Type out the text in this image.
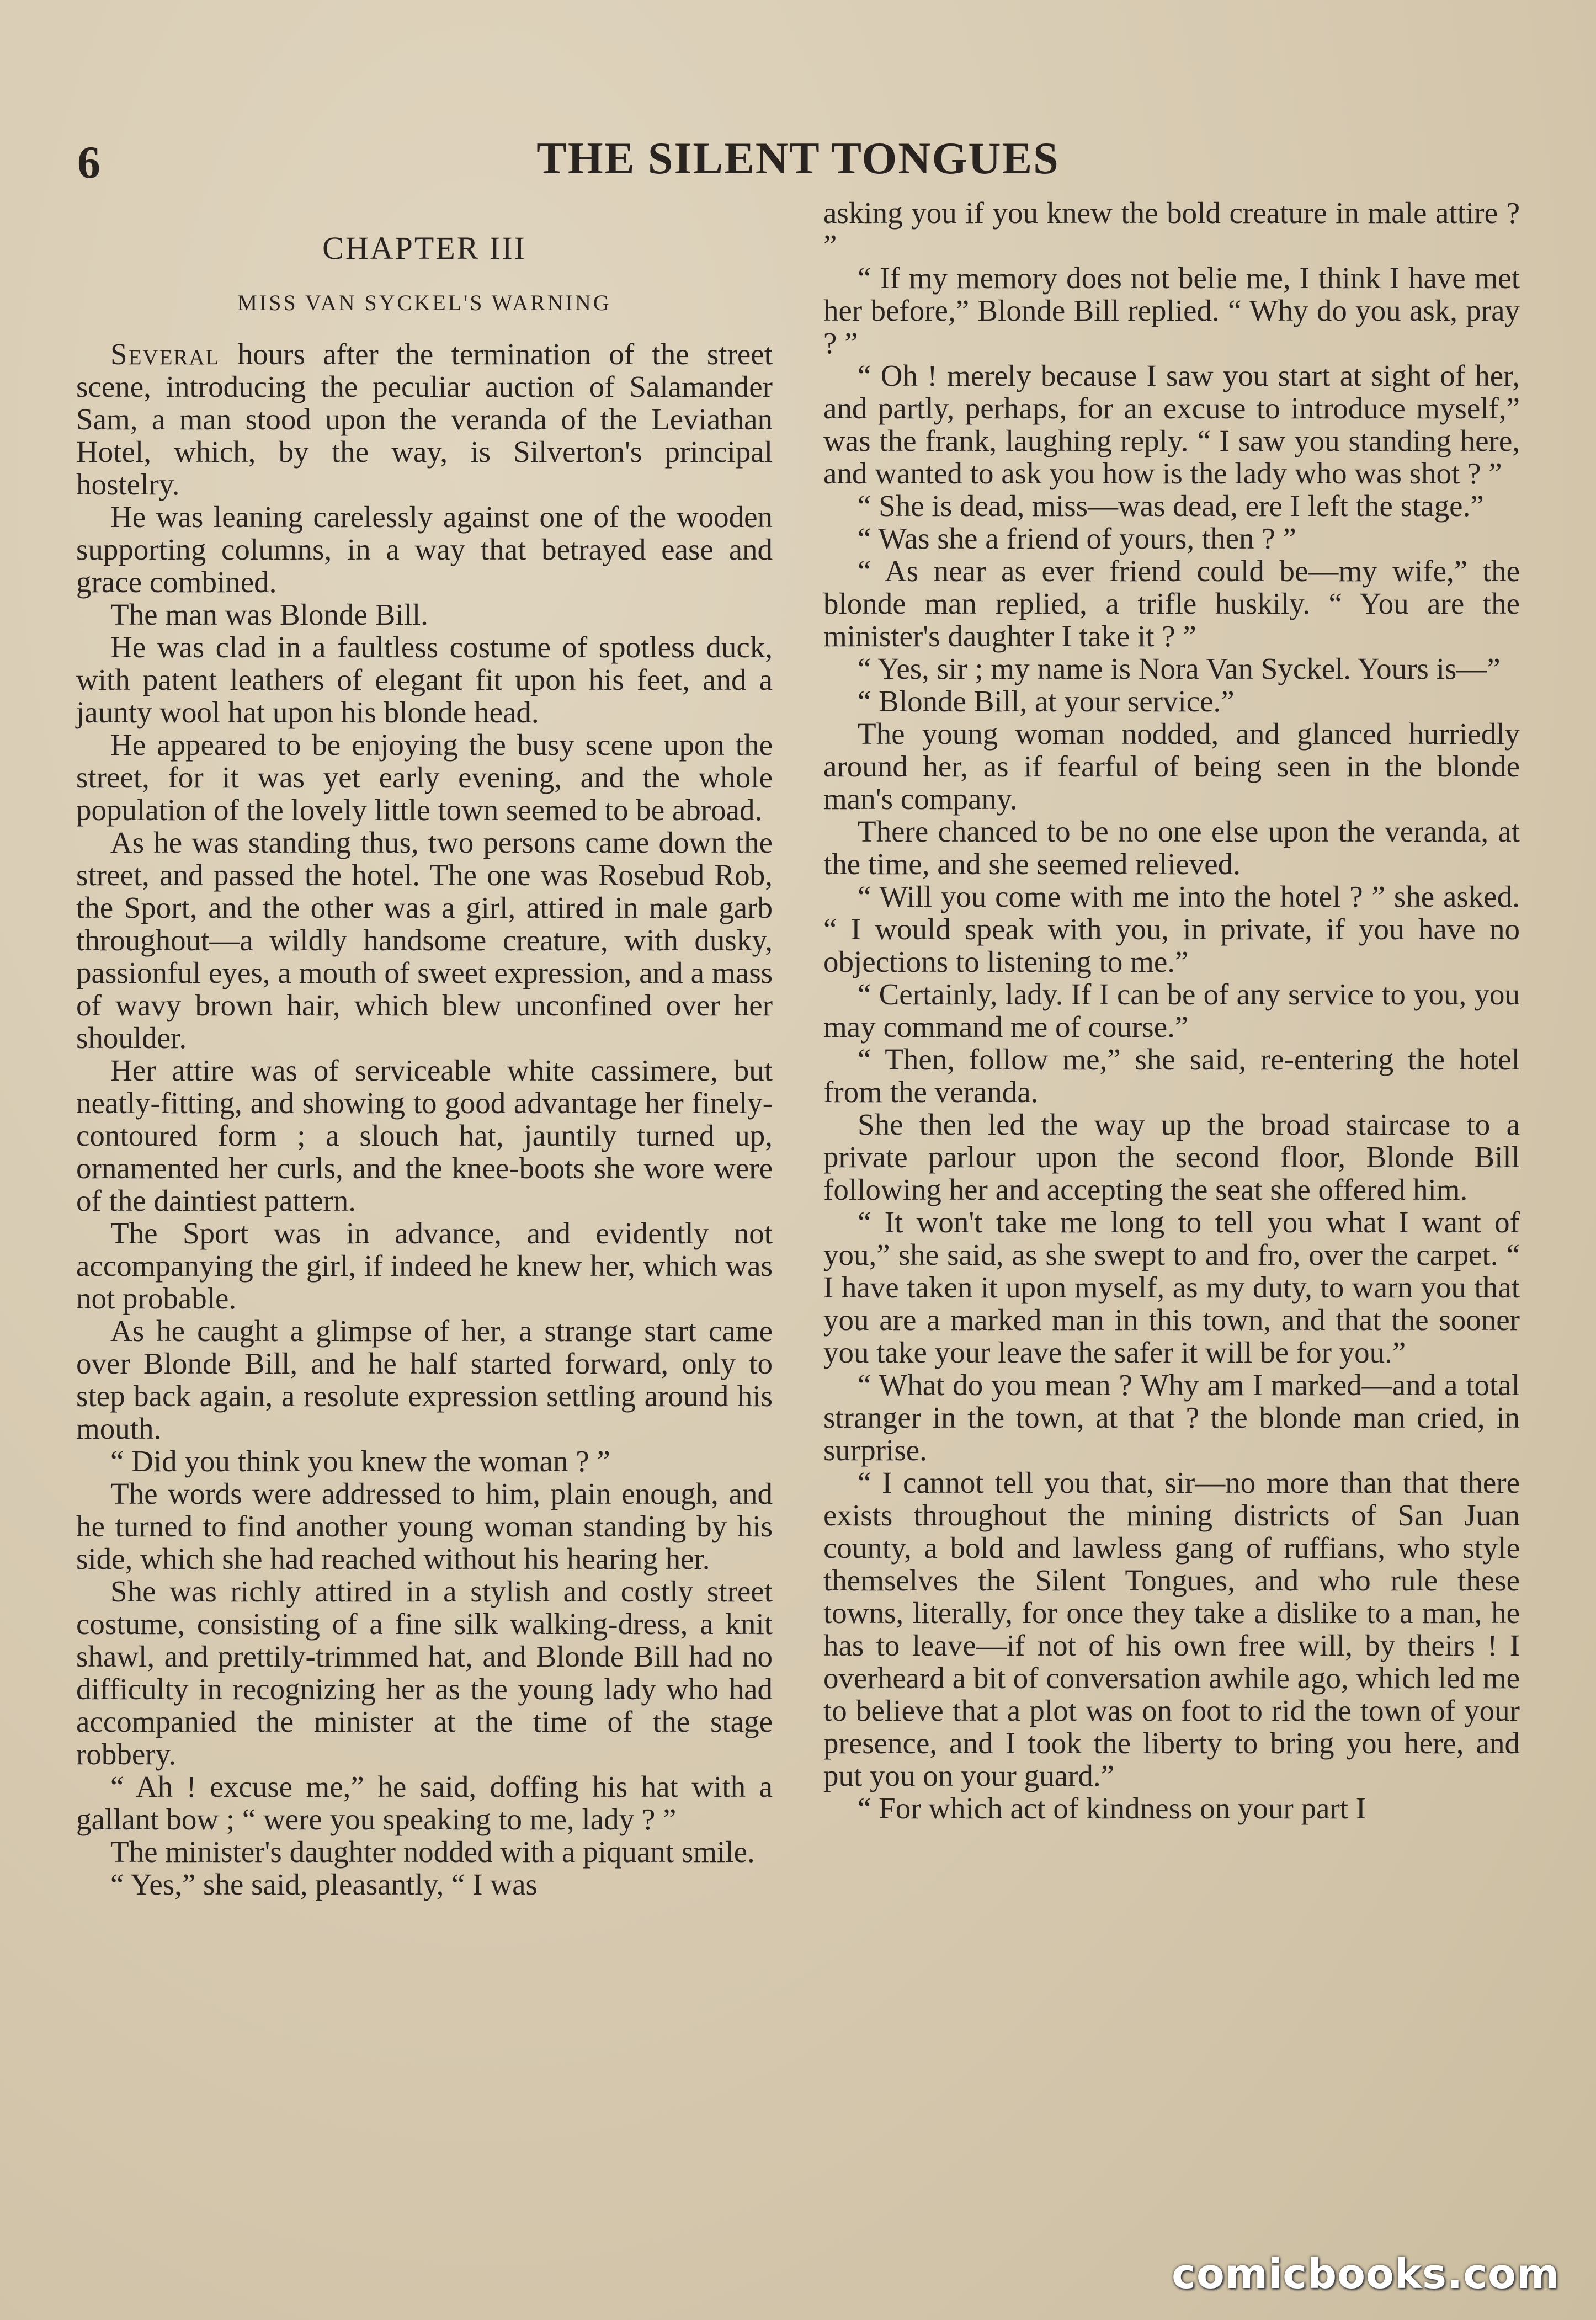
6	THE SILENT TONGUES
CHAPTER III
MISS VAN SYCKEL'S WARNING

Several hours after the termination of the street scene, introducing the peculiar auction of Salamander Sam, a man stood upon the veranda of the Leviathan Hotel, which, by the way, is Silverton's principal hostelry.

He was leaning carelessly against one of the wooden supporting columns, in a way that betrayed ease and grace combined.

The man was Blonde Bill.

He was clad in a faultless costume of spotless duck, with patent leathers of elegant fit upon his feet, and a jaunty wool hat upon his blonde head.

He appeared to be enjoying the busy scene upon the street, for it was yet early evening, and the whole population of the lovely little town seemed to be abroad.

As he was standing thus, two persons came down the street, and passed the hotel. The one was Rosebud Rob, the Sport, and the other was a girl, attired in male garb throughout—a wildly handsome creature, with dusky, passionful eyes, a mouth of sweet expression, and a mass of wavy brown hair, which blew unconfined over her shoulder.

Her attire was of serviceable white cassimere, but neatly-fitting, and showing to good advantage her finely-contoured form ; a slouch hat, jauntily turned up, ornamented her curls, and the knee-boots she wore were of the daintiest pattern.

The Sport was in advance, and evidently not accompanying the girl, if indeed he knew her, which was not probable.

As he caught a glimpse of her, a strange start came over Blonde Bill, and he half started forward, only to step back again, a resolute expression settling around his mouth.

“ Did you think you knew the woman ? ”

The words were addressed to him, plain enough, and he turned to find another young woman standing by his side, which she had reached without his hearing her.

She was richly attired in a stylish and costly street costume, consisting of a fine silk walking-dress, a knit shawl, and prettily-trimmed hat, and Blonde Bill had no difficulty in recognizing her as the young lady who had accompanied the minister at the time of the stage robbery.

“ Ah ! excuse me,” he said, doffing his hat with a gallant bow ; “ were you speaking to me, lady ? ”

The minister's daughter nodded with a piquant smile.

“ Yes,” she said, pleasantly, “ I was

asking you if you knew the bold creature in male attire ? ”

“ If my memory does not belie me, I think I have met her before,” Blonde Bill replied. “ Why do you ask, pray ? ”

“ Oh ! merely because I saw you start at sight of her, and partly, perhaps, for an excuse to introduce myself,” was the frank, laughing reply. “ I saw you standing here, and wanted to ask you how is the lady who was shot ? ”

“ She is dead, miss—was dead, ere I left the stage.”

“ Was she a friend of yours, then ? ”

“ As near as ever friend could be—my wife,” the blonde man replied, a trifle huskily. “ You are the minister's daughter I take it ? ”

“ Yes, sir ; my name is Nora Van Syckel. Yours is—”

“ Blonde Bill, at your service.”

The young woman nodded, and glanced hurriedly around her, as if fearful of being seen in the blonde man's company.

There chanced to be no one else upon the veranda, at the time, and she seemed relieved.

“ Will you come with me into the hotel ? ” she asked. “ I would speak with you, in private, if you have no objections to listening to me.”

“ Certainly, lady. If I can be of any service to you, you may command me of course.”

“ Then, follow me,” she said, re-entering the hotel from the veranda.

She then led the way up the broad staircase to a private parlour upon the second floor, Blonde Bill following her and accepting the seat she offered him.

“ It won't take me long to tell you what I want of you,” she said, as she swept to and fro, over the carpet. “ I have taken it upon myself, as my duty, to warn you that you are a marked man in this town, and that the sooner you take your leave the safer it will be for you.”

“ What do you mean ? Why am I marked—and a total stranger in the town, at that ? the blonde man cried, in surprise.

“ I cannot tell you that, sir—no more than that there exists throughout the mining districts of San Juan county, a bold and lawless gang of ruffians, who style themselves the Silent Tongues, and who rule these towns, literally, for once they take a dislike to a man, he has to leave—if not of his own free will, by theirs ! I overheard a bit of conversation awhile ago, which led me to believe that a plot was on foot to rid the town of your presence, and I took the liberty to bring you here, and put you on your guard.”

“ For which act of kindness on your part I

comicbooks.com
